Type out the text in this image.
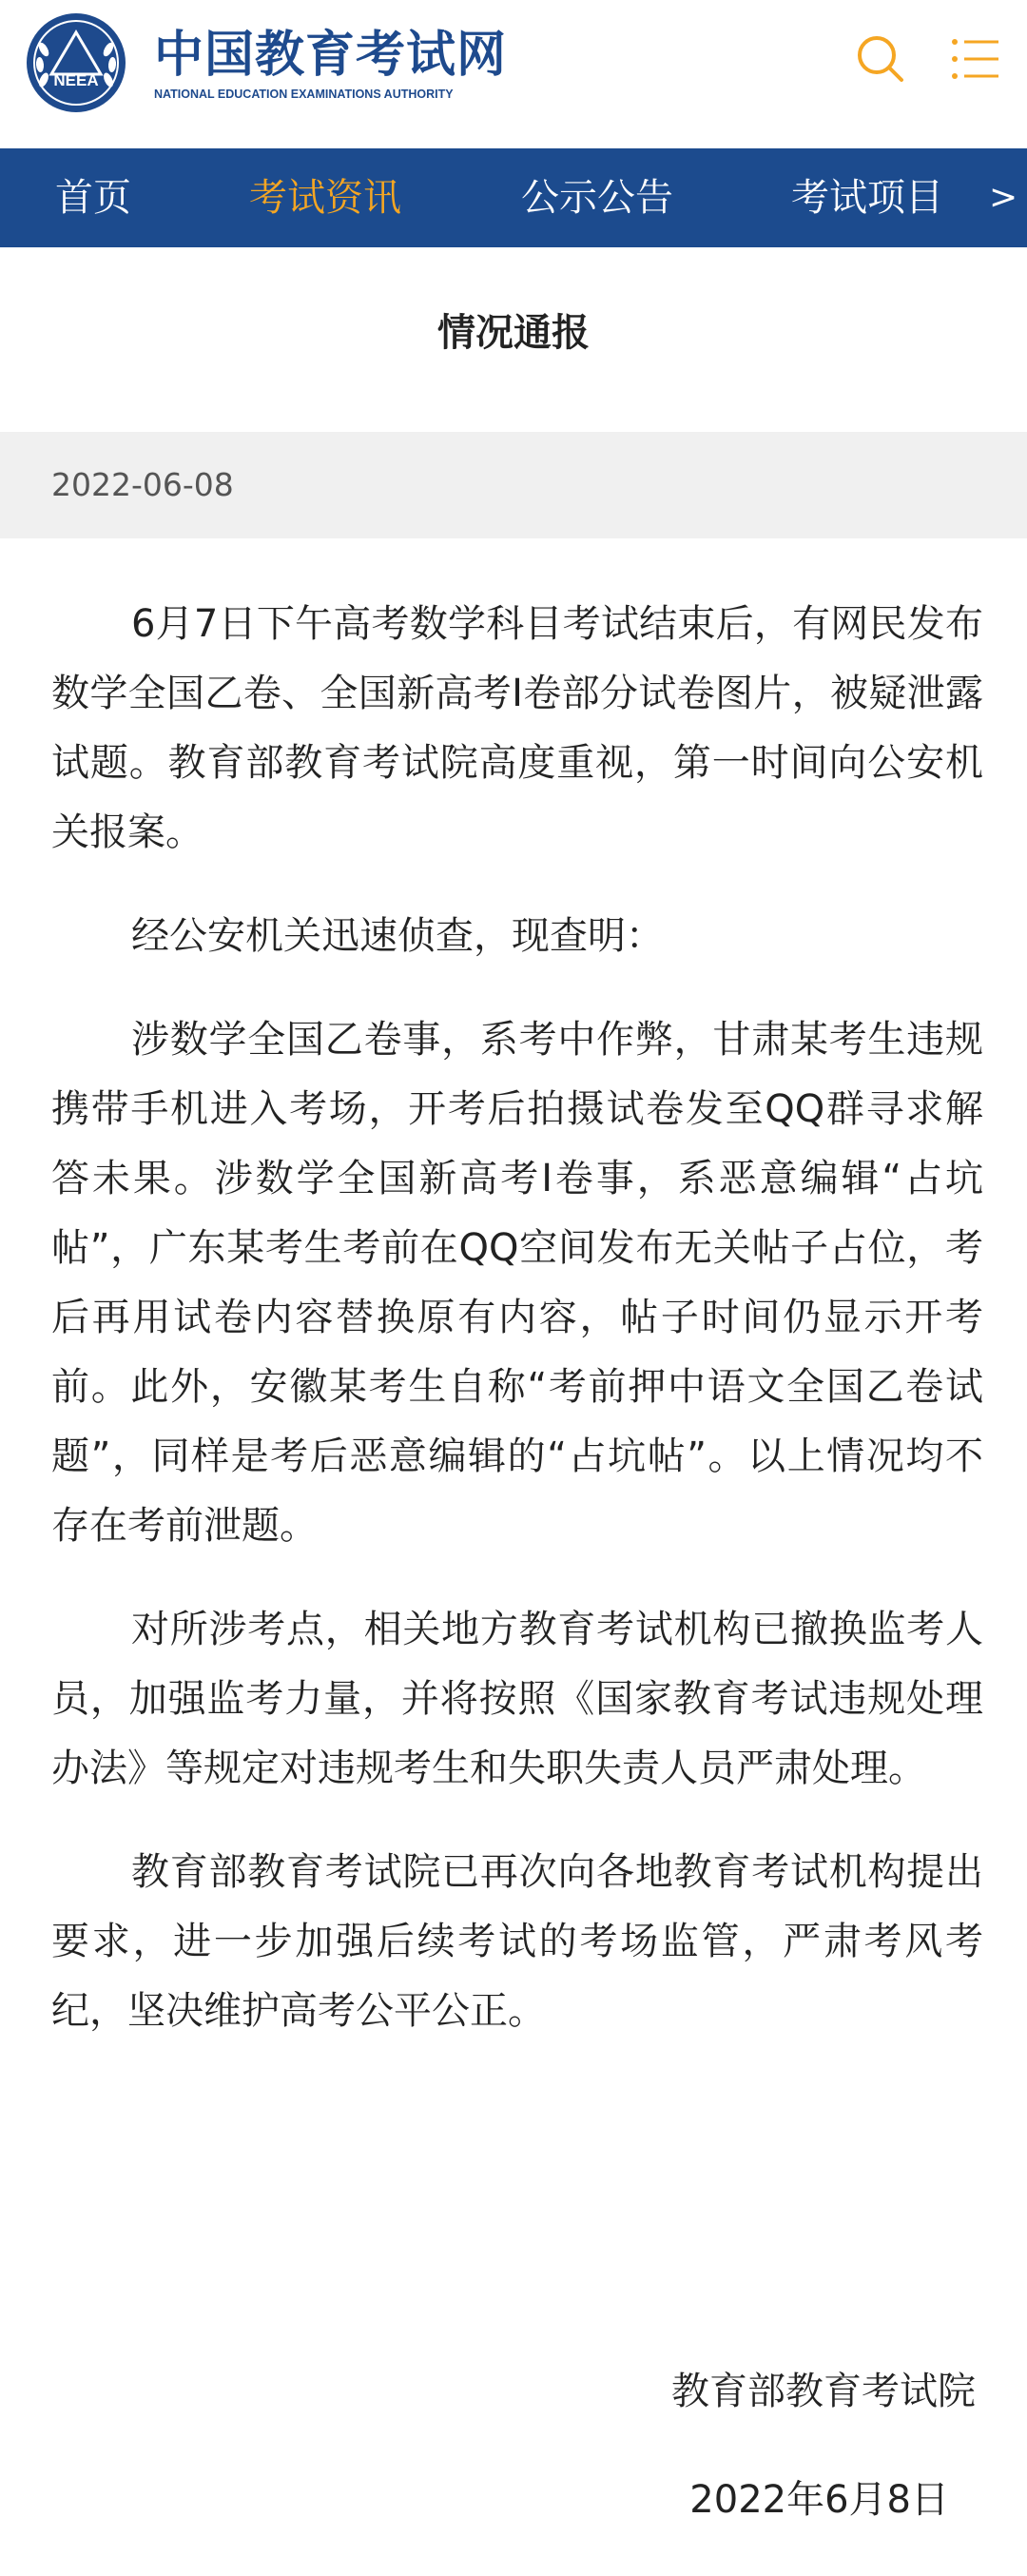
NEEA 中国教育考试网
NATIONAL EDUCATION EXAMINATIONS AUTHORITY
首页	考试资讯	公示公告	考试项目 >
情况通报
2022-06-08

6月7日下午高考数学科目考试结束后，有网民发布数学全国乙卷、全国新高考Ⅰ卷部分试卷图片，被疑泄露试题。教育部教育考试院高度重视，第一时间向公安机关报案。

经公安机关迅速侦查，现查明：

涉数学全国乙卷事，系考中作弊，甘肃某考生违规携带手机进入考场，开考后拍摄试卷发至QQ群寻求解答未果。涉数学全国新高考Ⅰ卷事，系恶意编辑“占坑帖”，广东某考生考前在QQ空间发布无关帖子占位，考后再用试卷内容替换原有内容，帖子时间仍显示开考前。此外，安徽某考生自称“考前押中语文全国乙卷试题”，同样是考后恶意编辑的“占坑帖”。以上情况均不存在考前泄题。

对所涉考点，相关地方教育考试机构已撤换监考人员，加强监考力量，并将按照《国家教育考试违规处理办法》等规定对违规考生和失职失责人员严肃处理。

教育部教育考试院已再次向各地教育考试机构提出要求，进一步加强后续考试的考场监管，严肃考风考纪，坚决维护高考公平公正。

教育部教育考试院
2022年6月8日
